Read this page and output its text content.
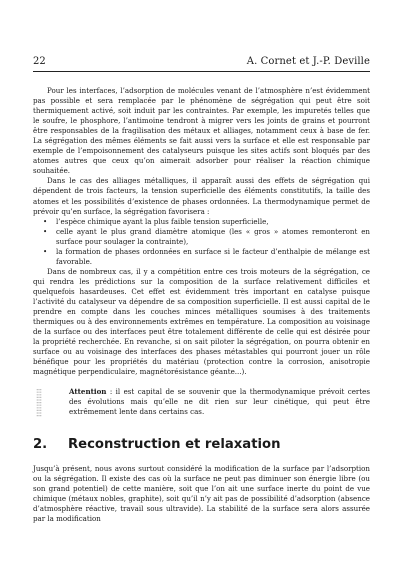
22	A. Cornet et J.-P. Deville

Pour les interfaces, l’adsorption de molécules venant de l’atmosphère n’est évidemment pas possible et sera remplacée par le phénomène de ségrégation qui peut être soit thermiquement activé, soit induit par les contraintes. Par exemple, les impuretés telles que le soufre, le phosphore, l’antimoine tendront à migrer vers les joints de grains et pourront être responsables de la fragilisation des métaux et alliages, notamment ceux à base de fer. La ségrégation des mêmes éléments se fait aussi vers la surface et elle est responsable par exemple de l’empoisonnement des catalyseurs puisque les sites actifs sont bloqués par des atomes autres que ceux qu’on aimerait adsorber pour réaliser la réaction chimique souhaitée.

Dans le cas des alliages métalliques, il apparaît aussi des effets de ségrégation qui dépendent de trois facteurs, la tension superficielle des éléments constitutifs, la taille des atomes et les possibilités d’existence de phases ordonnées. La thermodynamique permet de prévoir qu’en surface, la ségrégation favorisera :

•	l’espèce chimique ayant la plus faible tension superficielle,
•	celle ayant le plus grand diamètre atomique (les « gros » atomes remonteront en surface pour soulager la contrainte),
•	la formation de phases ordonnées en surface si le facteur d’enthalpie de mélange est favorable.

Dans de nombreux cas, il y a compétition entre ces trois moteurs de la ségrégation, ce qui rendra les prédictions sur la composition de la surface relativement difficiles et quelquefois hasardeuses. Cet effet est évidemment très important en catalyse puisque l’activité du catalyseur va dépendre de sa composition superficielle. Il est aussi capital de le prendre en compte dans les couches minces métalliques soumises à des traitements thermiques ou à des environnements extrêmes en température. La composition au voisinage de la surface ou des interfaces peut être totalement différente de celle qui est désirée pour la propriété recherchée. En revanche, si on sait piloter la ségrégation, on pourra obtenir en surface ou au voisinage des interfaces des phases métastables qui pourront jouer un rôle bénéfique pour les propriétés du matériau (protection contre la corrosion, anisotropie magnétique perpendiculaire, magnétorésistance géante...).

Attention : il est capital de se souvenir que la thermodynamique prévoit certes des évolutions mais qu’elle ne dit rien sur leur cinétique, qui peut être extrêmement lente dans certains cas.
2. Reconstruction et relaxation

Jusqu’à présent, nous avons surtout considéré la modification de la surface par l’adsorption ou la ségrégation. Il existe des cas où la surface ne peut pas diminuer son énergie libre (ou son grand potentiel) de cette manière, soit que l’on ait une surface inerte du point de vue chimique (métaux nobles, graphite), soit qu’il n’y ait pas de possibilité d’adsorption (absence d’atmosphère réactive, travail sous ultravide). La stabilité de la surface sera alors assurée par la modification
